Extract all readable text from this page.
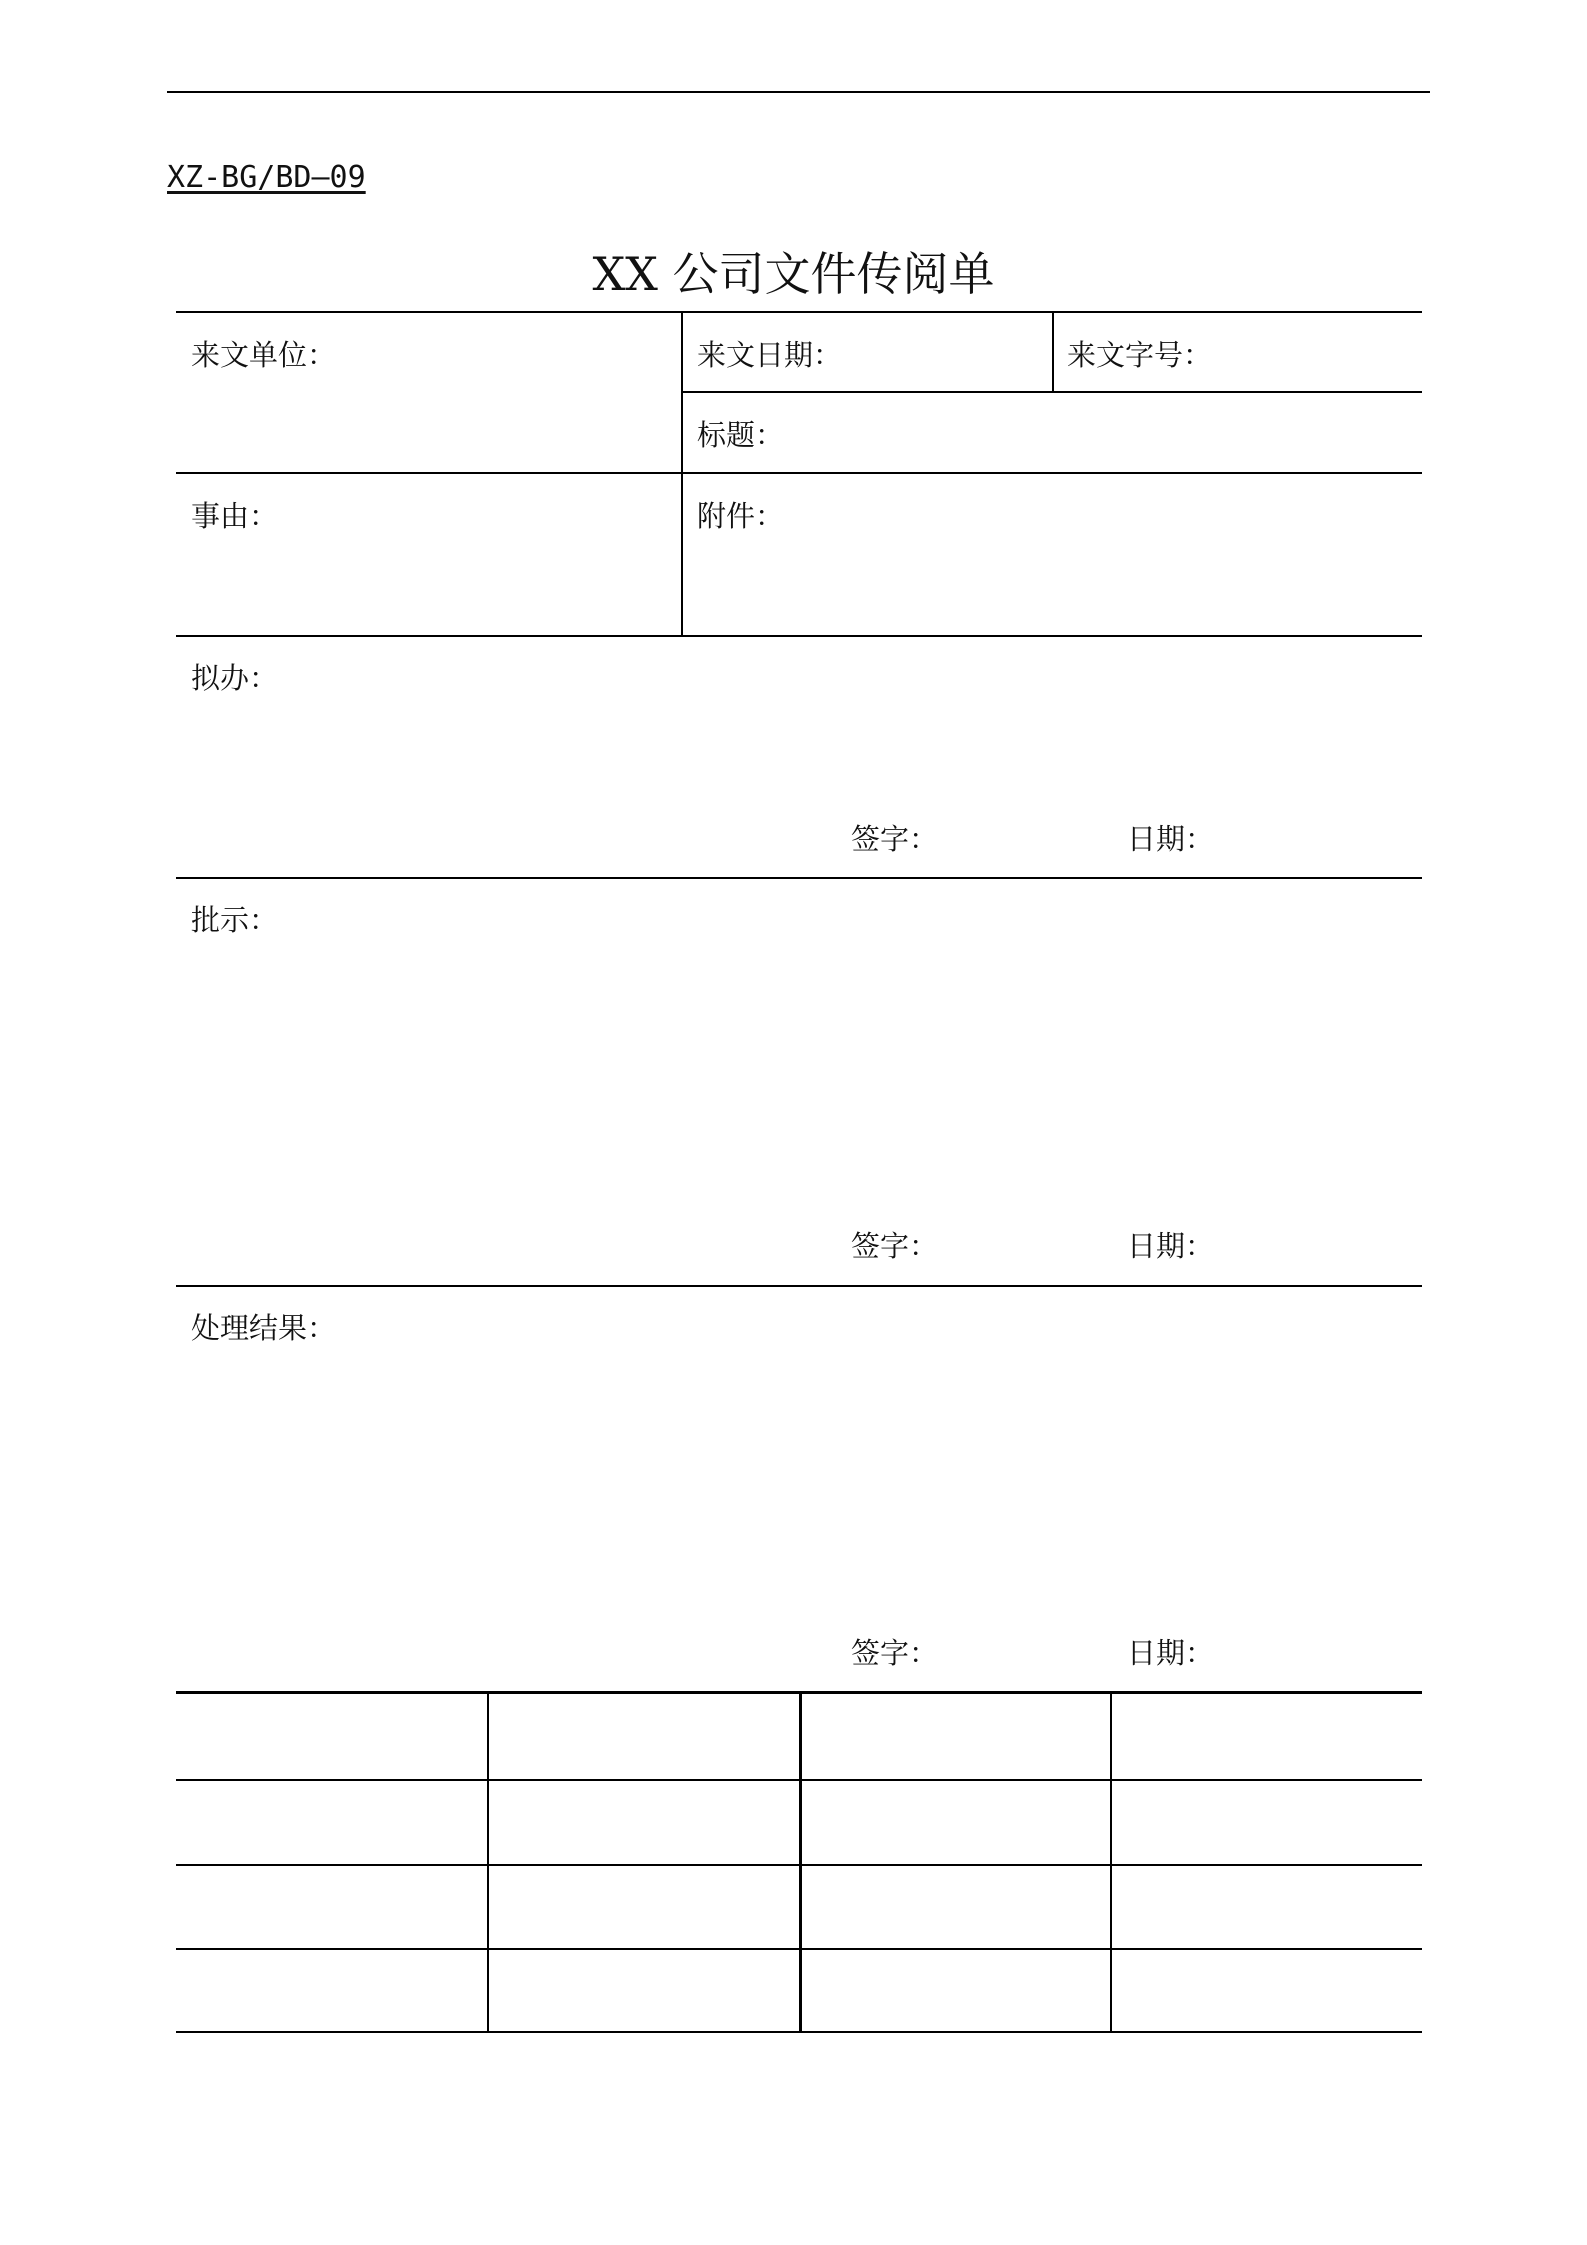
XZ-BG/BD—09
XX 公司文件传阅单
来文单位：	来文日期：	来文字号：
标题：
事由：	附件：
拟办：
签字：	日期：
批示：
签字：	日期：
处理结果：
签字：	日期：
